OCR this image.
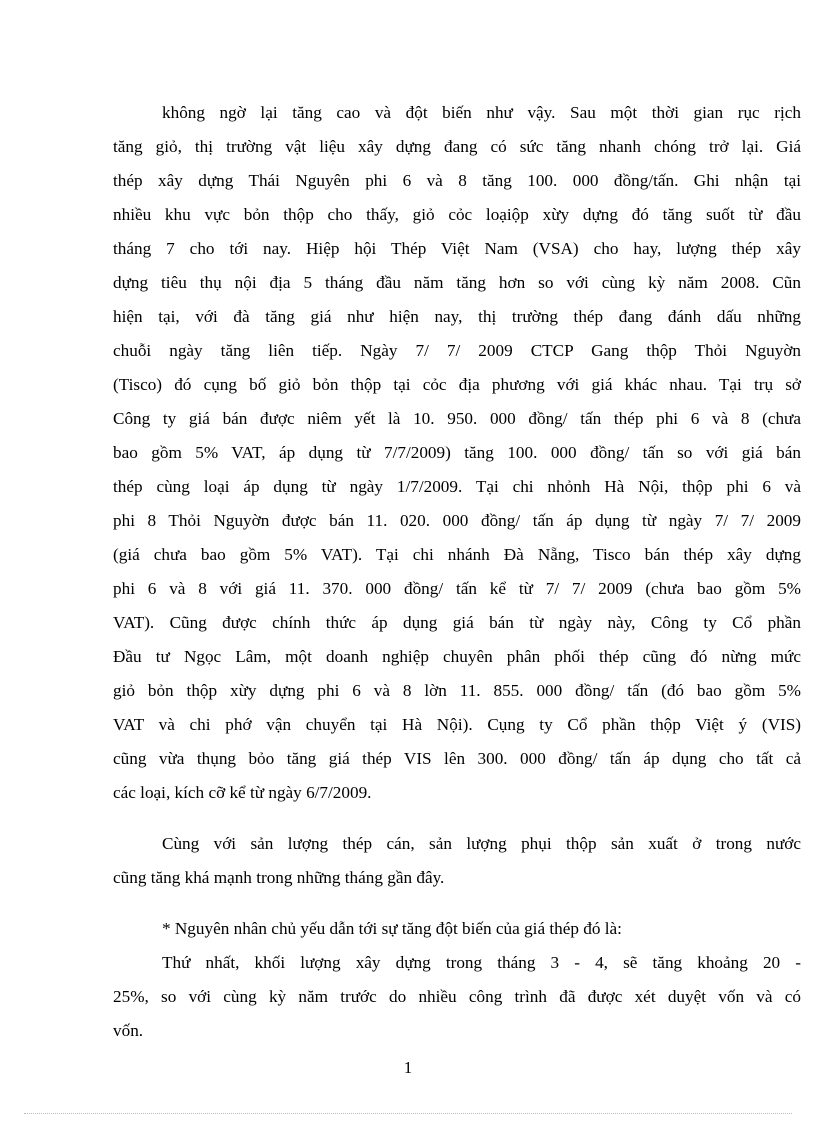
không ngờ lại tăng cao và đột biến như vậy. Sau một thời gian rục rịch
tăng giỏ, thị trường vật liệu xây dựng đang có sức tăng nhanh chóng trở lại. Giá
thép xây dựng Thái Nguyên phi 6 và 8 tăng 100. 000 đồng/tấn. Ghi nhận tại
nhiều khu vực bỏn thộp cho thấy, giỏ cỏc loạiộp xừy dựng đó tăng suốt từ đầu
tháng 7 cho tới nay. Hiệp hội Thép Việt Nam (VSA) cho hay, lượng thép xây
dựng tiêu thụ nội địa 5 tháng đầu năm tăng hơn so với cùng kỳ năm 2008. Cũn
hiện tại, với đà tăng giá như hiện nay, thị trường thép đang đánh dấu những
chuỗi ngày tăng liên tiếp. Ngày 7/ 7/ 2009 CTCP Gang thộp Thỏi Nguyờn
(Tisco) đó cụng bố giỏ bỏn thộp tại cỏc địa phương với giá khác nhau. Tại trụ sở
Công ty giá bán được niêm yết là 10. 950. 000 đồng/ tấn thép phi 6 và 8 (chưa
bao gồm 5% VAT, áp dụng từ 7/7/2009) tăng 100. 000 đồng/ tấn so với giá bán
thép cùng loại áp dụng từ ngày 1/7/2009. Tại chi nhỏnh Hà Nội, thộp phi 6 và
phi 8 Thỏi Nguyờn được bán 11. 020. 000 đồng/ tấn áp dụng từ ngày 7/ 7/ 2009
(giá chưa bao gồm 5% VAT). Tại chi nhánh Đà Nẵng, Tisco bán thép xây dựng
phi 6 và 8 với giá 11. 370. 000 đồng/ tấn kể từ 7/ 7/ 2009 (chưa bao gồm 5%
VAT). Cũng được chính thức áp dụng giá bán từ ngày này, Công ty Cổ phần
Đầu tư Ngọc Lâm, một doanh nghiệp chuyên phân phối thép cũng đó nừng mức
giỏ bỏn thộp xừy dựng phi 6 và 8 lờn 11. 855. 000 đồng/ tấn (đó bao gồm 5%
VAT và chi phớ vận chuyển tại Hà Nội). Cụng ty Cổ phần thộp Việt ý (VIS)
cũng vừa thụng bỏo tăng giá thép VIS lên 300. 000 đồng/ tấn áp dụng cho tất cả
các loại, kích cỡ kể từ ngày 6/7/2009.
Cùng với sản lượng thép cán, sản lượng phụi thộp sản xuất ở trong nước
cũng tăng khá mạnh trong những tháng gần đây.
* Nguyên nhân chủ yếu dẫn tới sự tăng đột biến của giá thép đó là:
Thứ nhất, khối lượng xây dựng trong tháng 3 - 4, sẽ tăng khoảng 20 -
25%, so với cùng kỳ năm trước do nhiều công trình đã được xét duyệt vốn và có
vốn.
1
